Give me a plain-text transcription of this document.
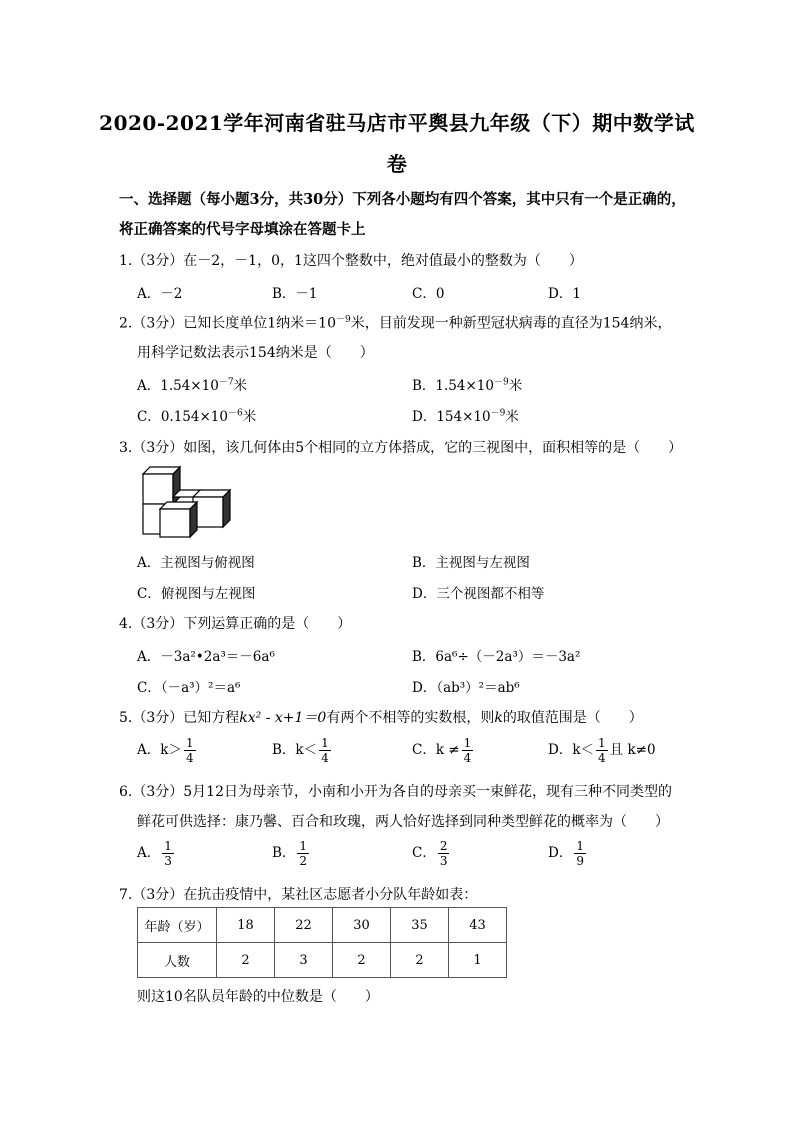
2020-2021学年河南省驻马店市平舆县九年级（下）期中数学试
卷
一、选择题（每小题3分，共30分）下列各小题均有四个答案，其中只有一个是正确的，
将正确答案的代号字母填涂在答题卡上
1.（3分）在－2，－1，0，1这四个整数中，绝对值最小的整数为（　　）
A．－2	B．－1	C．0	D．1
2.（3分）已知长度单位1纳米$=10^{-9}$米，目前发现一种新型冠状病毒的直径为154纳米，
用科学记数法表示154纳米是（　　）
A．$1.54\times 10^{-7}$米	B．$1.54\times 10^{-9}$米
C．$0.154\times 10^{-6}$米	D．$154\times 10^{-9}$米
3.（3分）如图，该几何体由5个相同的立方体搭成，它的三视图中，面积相等的是（　　）
A．主视图与俯视图	B．主视图与左视图
C．俯视图与左视图	D．三个视图都不相等
4.（3分）下列运算正确的是（　　）
A．－3a²•2a³＝－6a⁶	B．6a⁶÷（－2a³）＝－3a²
C．（－a³）²＝a⁶	D．（ab³）²＝ab⁶
5.（3分）已知方程kx² - x+1＝0有两个不相等的实数根，则k的取值范围是（　　）
A．$k> \frac{1}{4}$	B．$k< \frac{1}{4}$	C．$k \ne \frac{1}{4}$	D．$k< \frac{1}{4}$ 且 k≠0
6.（3分）5月12日为母亲节，小南和小开为各自的母亲买一束鲜花，现有三种不同类型的
鲜花可供选择：康乃馨、百合和玫瑰，两人恰好选择到同种类型鲜花的概率为（　　）
A． $\frac{1}{3}$	B． $\frac{1}{2}$	C． $\frac{2}{3}$	D． $\frac{1}{9}$
7.（3分）在抗击疫情中，某社区志愿者小分队年龄如表：
年龄（岁）	18	22	30	35	43
人数	2	3	2	2	1
则这10名队员年龄的中位数是（　　）
